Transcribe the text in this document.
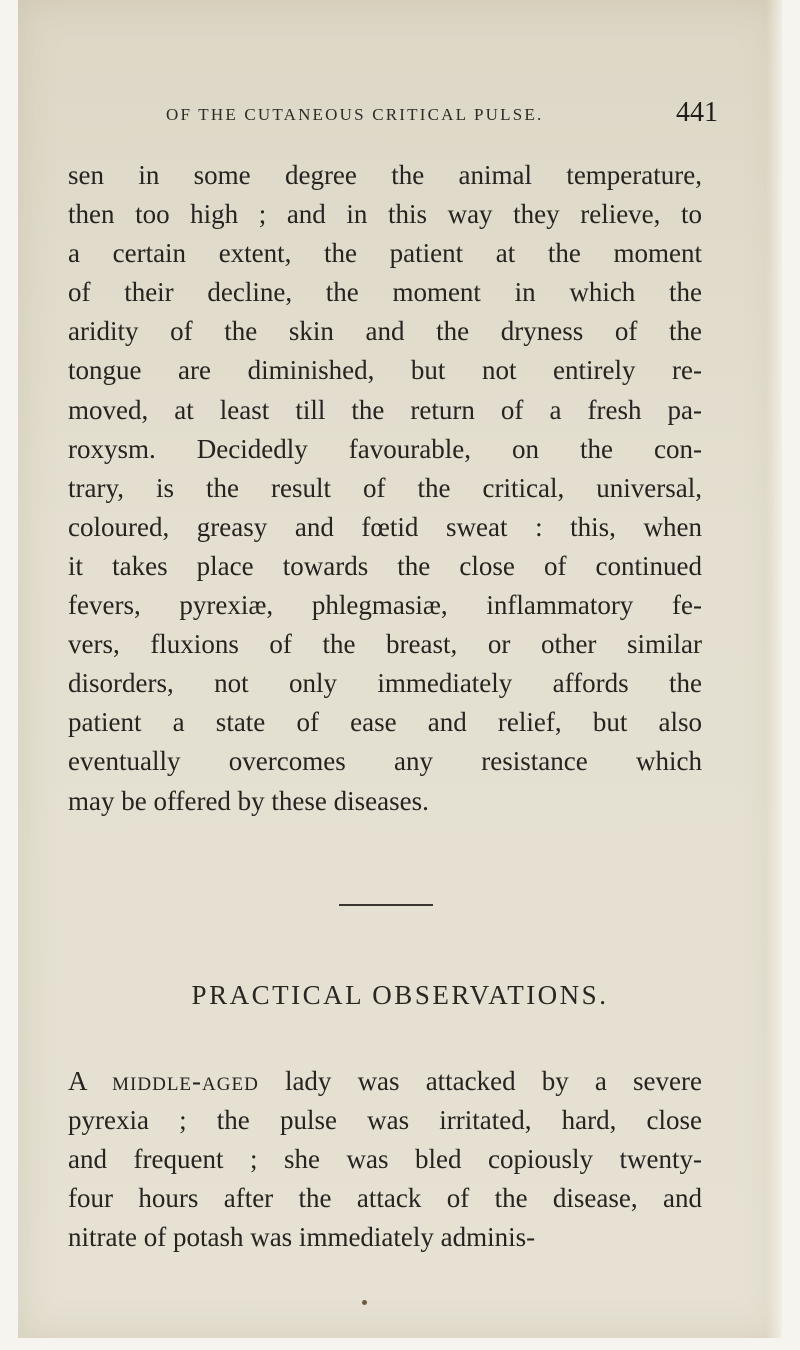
OF THE CUTANEOUS CRITICAL PULSE.	441
sen in some degree the animal temperature,
then too high ; and in this way they relieve, to
a certain extent, the patient at the moment
of their decline, the moment in which the
aridity of the skin and the dryness of the
tongue are diminished, but not entirely re-
moved, at least till the return of a fresh pa-
roxysm. Decidedly favourable, on the con-
trary, is the result of the critical, universal,
coloured, greasy and fœtid sweat : this, when
it takes place towards the close of continued
fevers, pyrexiæ, phlegmasiæ, inflammatory fe-
vers, fluxions of the breast, or other similar
disorders, not only immediately affords the
patient a state of ease and relief, but also
eventually overcomes any resistance which
may be offered by these diseases.
PRACTICAL OBSERVATIONS.
A middle-aged lady was attacked by a severe
pyrexia ; the pulse was irritated, hard, close
and frequent ; she was bled copiously twenty-
four hours after the attack of the disease, and
nitrate of potash was immediately adminis-
